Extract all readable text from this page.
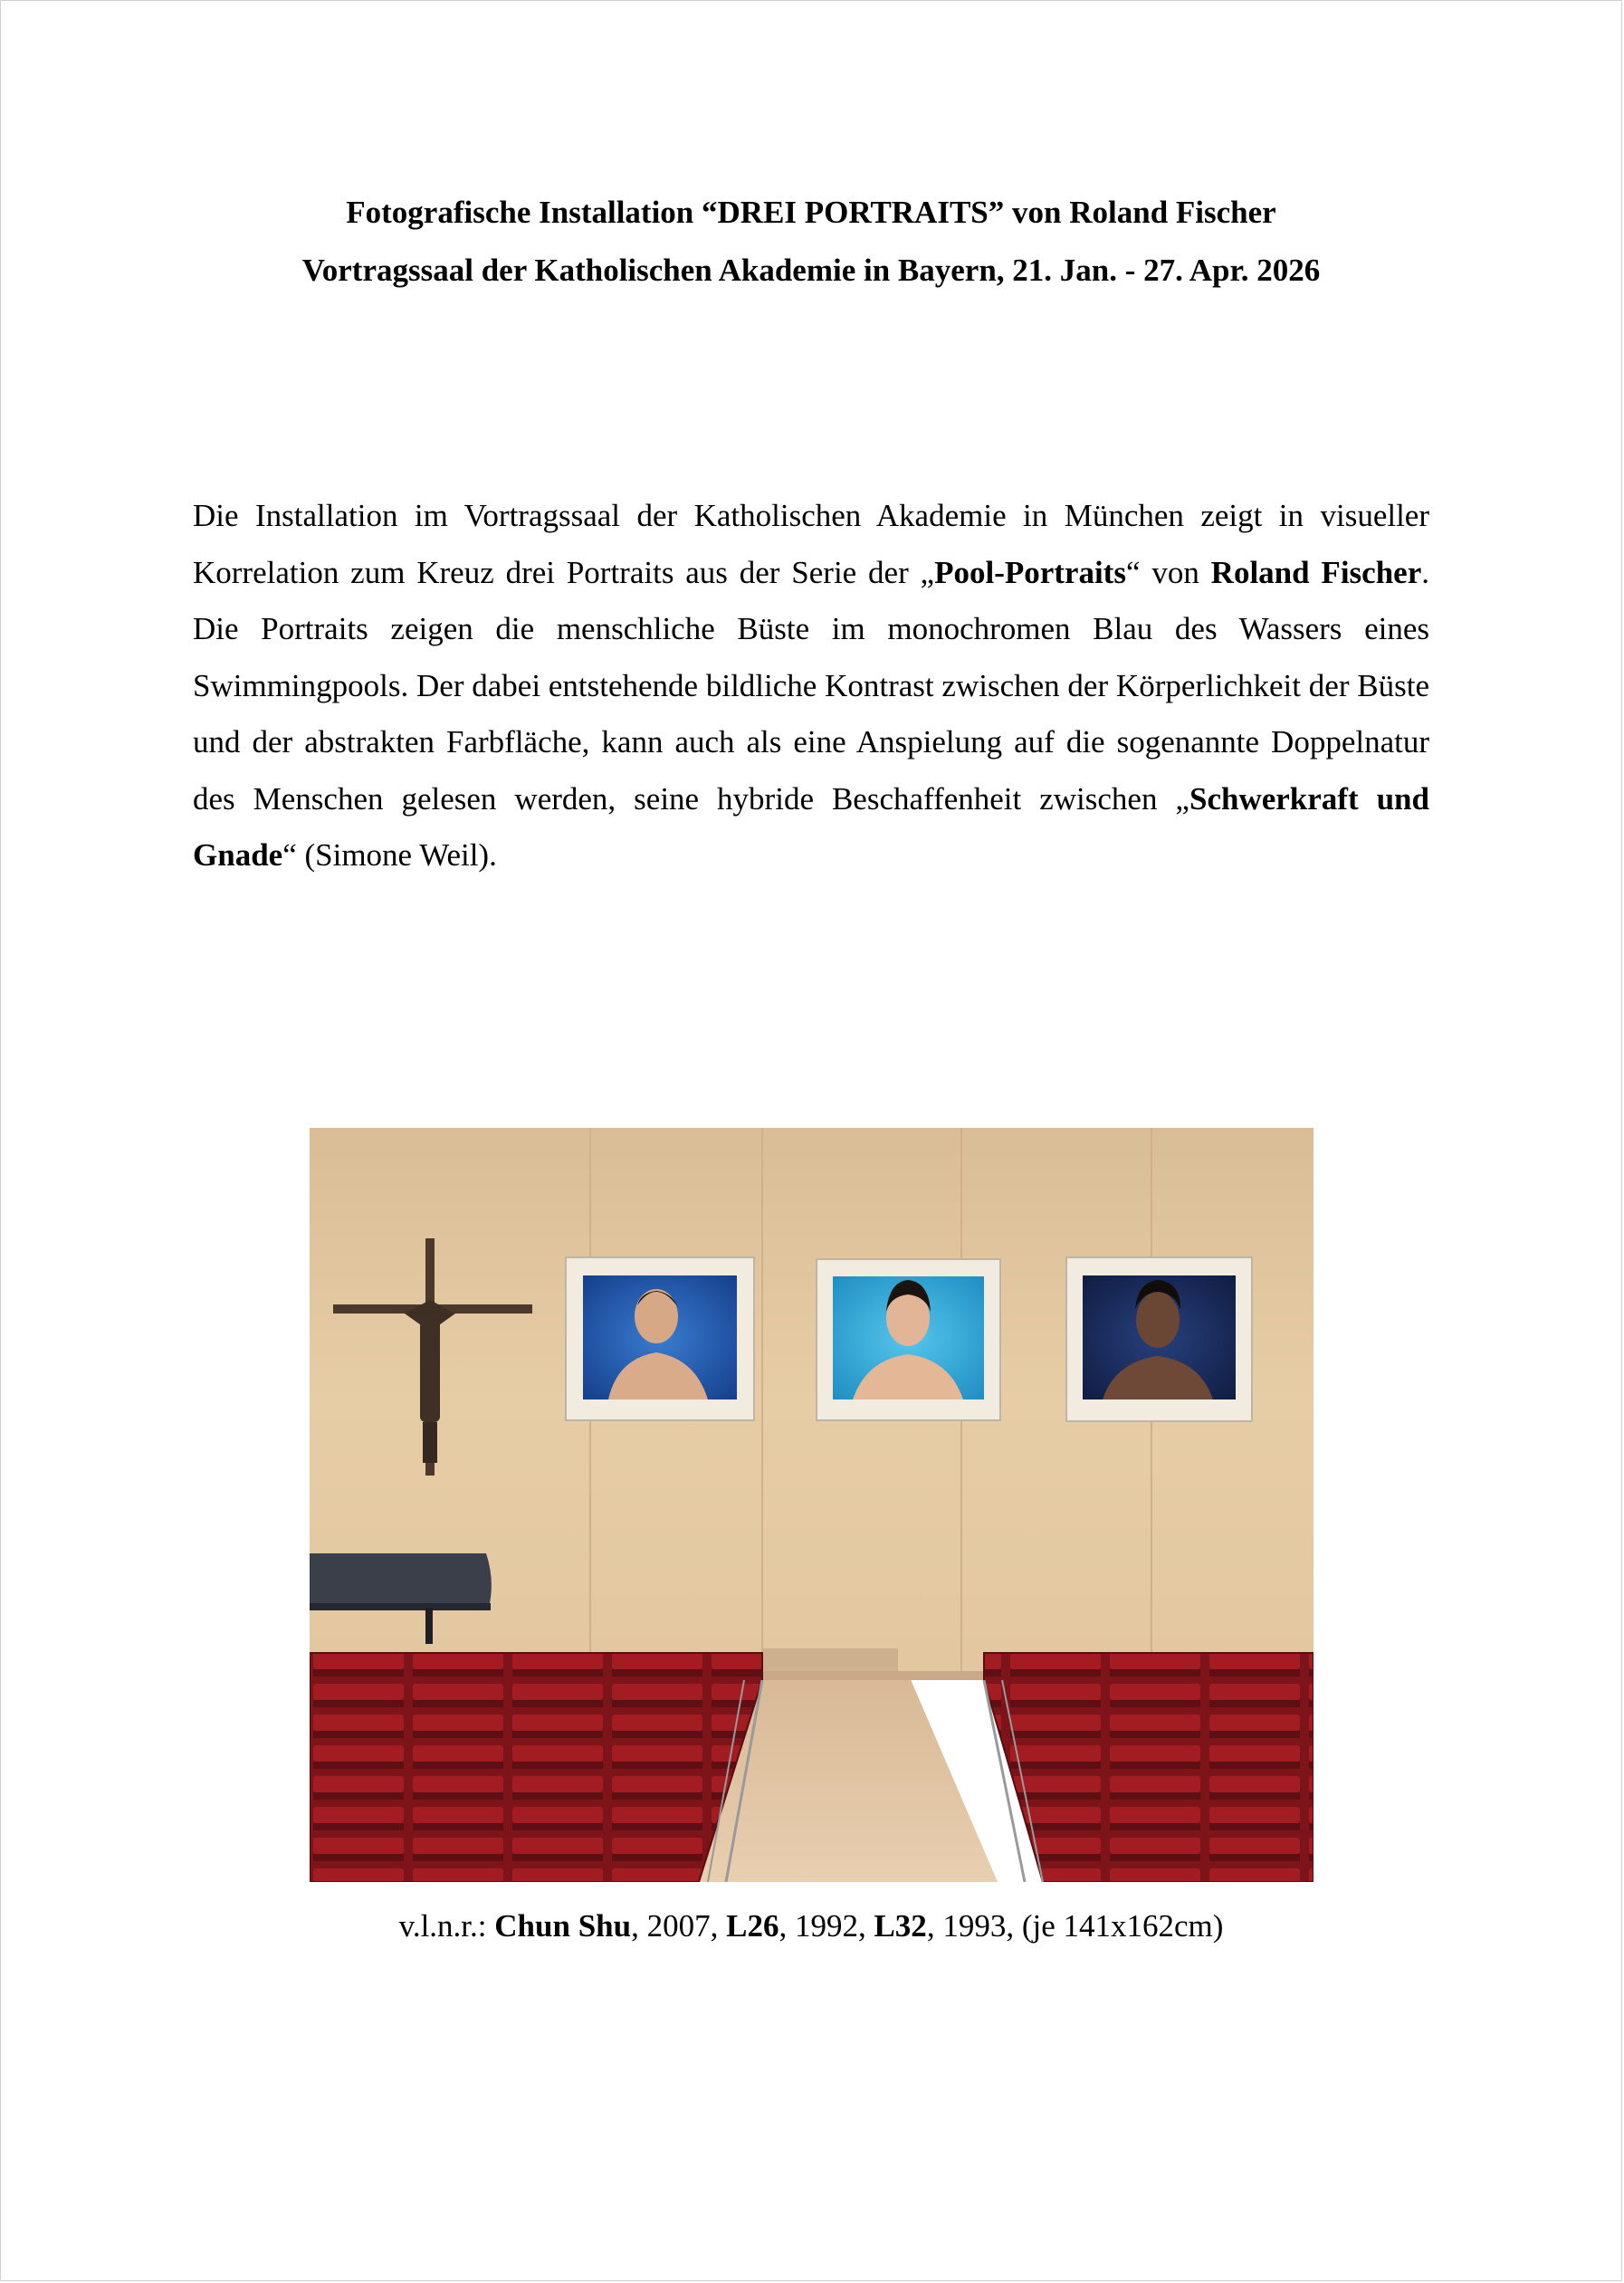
Fotografische Installation “DREI PORTRAITS” von Roland Fischer
Vortragssaal der Katholischen Akademie in Bayern, 21. Jan. - 27. Apr. 2026
Die Installation im Vortragssaal der Katholischen Akademie in München zeigt in visueller Korrelation zum Kreuz drei Portraits aus der Serie der „Pool-Portraits“ von Roland Fischer. Die Portraits zeigen die menschliche Büste im monochromen Blau des Wassers eines Swimmingpools. Der dabei entstehende bildliche Kontrast zwischen der Körperlichkeit der Büste und der abstrakten Farbfläche, kann auch als eine Anspielung auf die sogenannte Doppelnatur des Menschen gelesen werden, seine hybride Beschaffenheit zwischen „Schwerkraft und Gnade“ (Simone Weil).
v.l.n.r.: Chun Shu, 2007, L26, 1992, L32, 1993, (je 141x162cm)
